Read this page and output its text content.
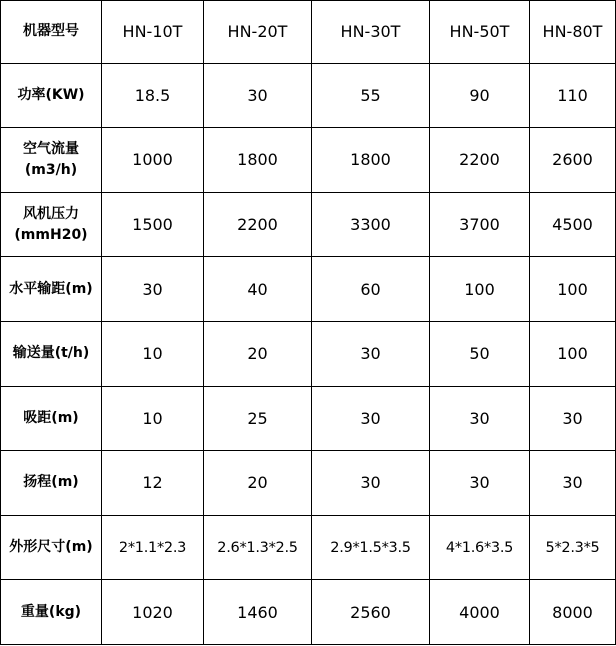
机器型号	HN-10T	HN-20T	HN-30T	HN-50T	HN-80T
功率(KW)	18.5	30	55	90	110
空气流量
(m3/h)	1000	1800	1800	2200	2600
风机压力
(mmH20)	1500	2200	3300	3700	4500
水平输距(m)	30	40	60	100	100
输送量(t/h)	10	20	30	50	100
吸距(m)	10	25	30	30	30
扬程(m)	12	20	30	30	30
外形尺寸(m)	2*1.1*2.3	2.6*1.3*2.5	2.9*1.5*3.5	4*1.6*3.5	5*2.3*5
重量(kg)	1020	1460	2560	4000	8000
